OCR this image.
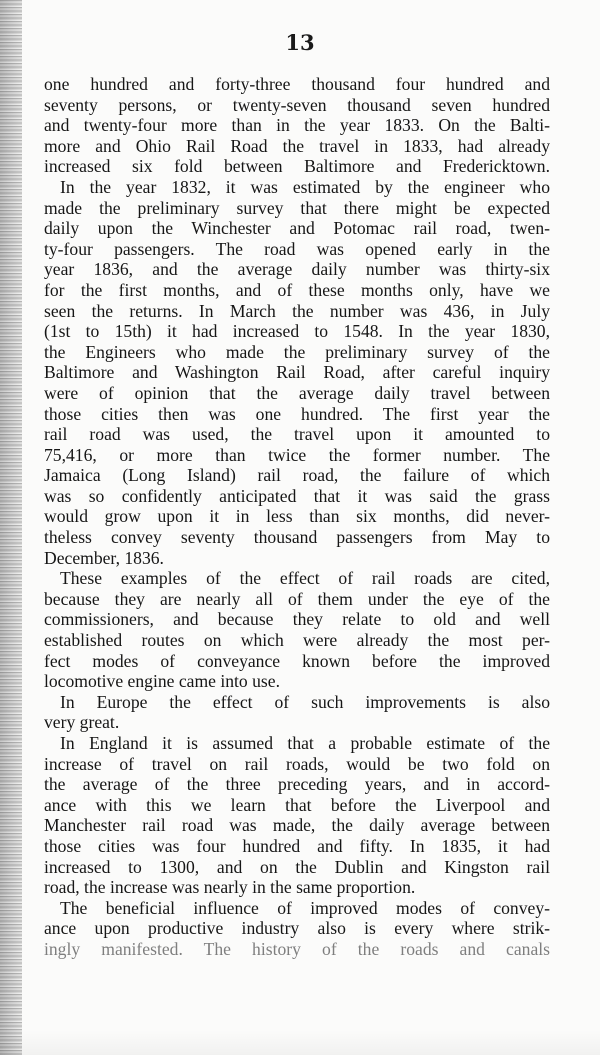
13
one hundred and forty-three thousand four hundred and
seventy persons, or twenty-seven thousand seven hundred
and twenty-four more than in the year 1833. On the Balti-
more and Ohio Rail Road the travel in 1833, had already
increased six fold between Baltimore and Fredericktown.
In the year 1832, it was estimated by the engineer who
made the preliminary survey that there might be expected
daily upon the Winchester and Potomac rail road, twen-
ty-four passengers. The road was opened early in the
year 1836, and the average daily number was thirty-six
for the first months, and of these months only, have we
seen the returns. In March the number was 436, in July
(1st to 15th) it had increased to 1548. In the year 1830,
the Engineers who made the preliminary survey of the
Baltimore and Washington Rail Road, after careful inquiry
were of opinion that the average daily travel between
those cities then was one hundred. The first year the
rail road was used, the travel upon it amounted to
75,416, or more than twice the former number. The
Jamaica (Long Island) rail road, the failure of which
was so confidently anticipated that it was said the grass
would grow upon it in less than six months, did never-
theless convey seventy thousand passengers from May to
December, 1836.
These examples of the effect of rail roads are cited,
because they are nearly all of them under the eye of the
commissioners, and because they relate to old and well
established routes on which were already the most per-
fect modes of conveyance known before the improved
locomotive engine came into use.
In Europe the effect of such improvements is also
very great.
In England it is assumed that a probable estimate of the
increase of travel on rail roads, would be two fold on
the average of the three preceding years, and in accord-
ance with this we learn that before the Liverpool and
Manchester rail road was made, the daily average between
those cities was four hundred and fifty. In 1835, it had
increased to 1300, and on the Dublin and Kingston rail
road, the increase was nearly in the same proportion.
The beneficial influence of improved modes of convey-
ance upon productive industry also is every where strik-
ingly manifested. The history of the roads and canals
